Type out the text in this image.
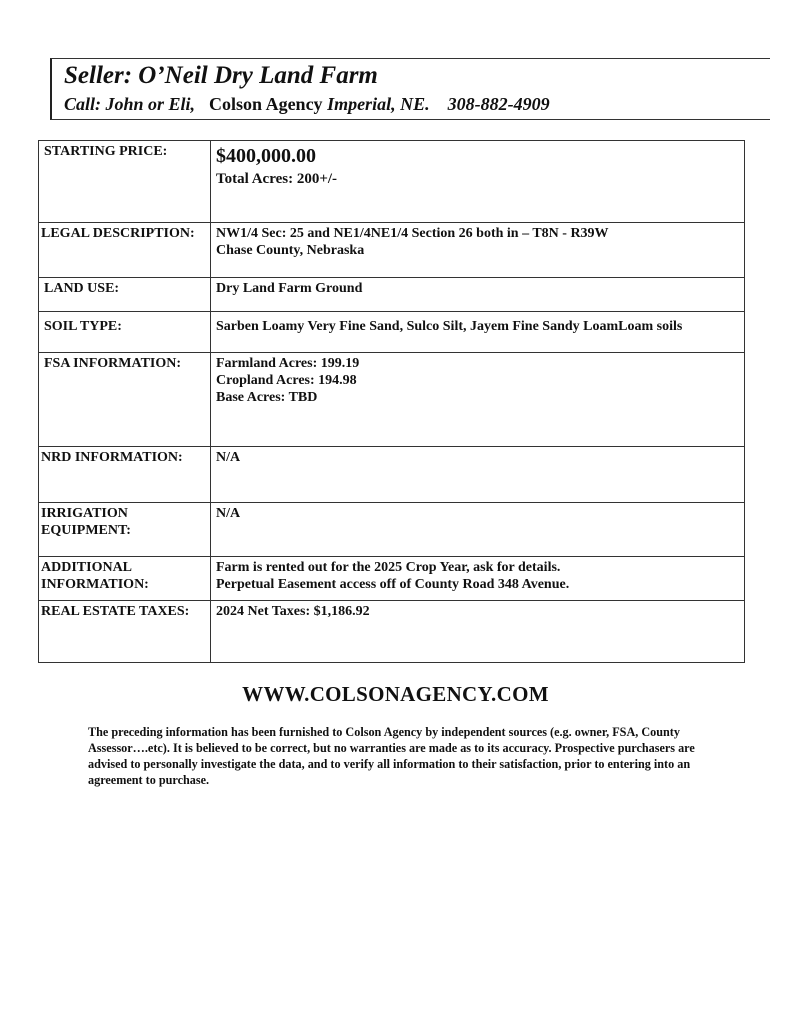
Seller: O’Neil Dry Land Farm
Call: John or Eli, Colson Agency Imperial, NE. 308-882-4909
STARTING PRICE:	$400,000.00
Total Acres: 200+/-

LEGAL DESCRIPTION:	NW1/4 Sec: 25 and NE1/4NE1/4 Section 26 both in – T8N - R39W
Chase County, Nebraska

LAND USE:	Dry Land Farm Ground
SOIL TYPE:	Sarben Loamy Very Fine Sand, Sulco Silt, Jayem Fine Sandy LoamLoam soils
FSA INFORMATION:	Farmland Acres: 199.19
Cropland Acres: 194.98
Base Acres: TBD

NRD INFORMATION:	N/A

IRRIGATION
EQUIPMENT:	N/A

ADDITIONAL
INFORMATION:	Farm is rented out for the 2025 Crop Year, ask for details.
Perpetual Easement access off of County Road 348 Avenue.

REAL ESTATE TAXES:	2024 Net Taxes: $1,186.92
WWW.COLSONAGENCY.COM
The preceding information has been furnished to Colson Agency by independent sources (e.g. owner, FSA, County Assessor….etc). It is believed to be correct, but no warranties are made as to its accuracy. Prospective purchasers are advised to personally investigate the data, and to verify all information to their satisfaction, prior to entering into an agreement to purchase.
